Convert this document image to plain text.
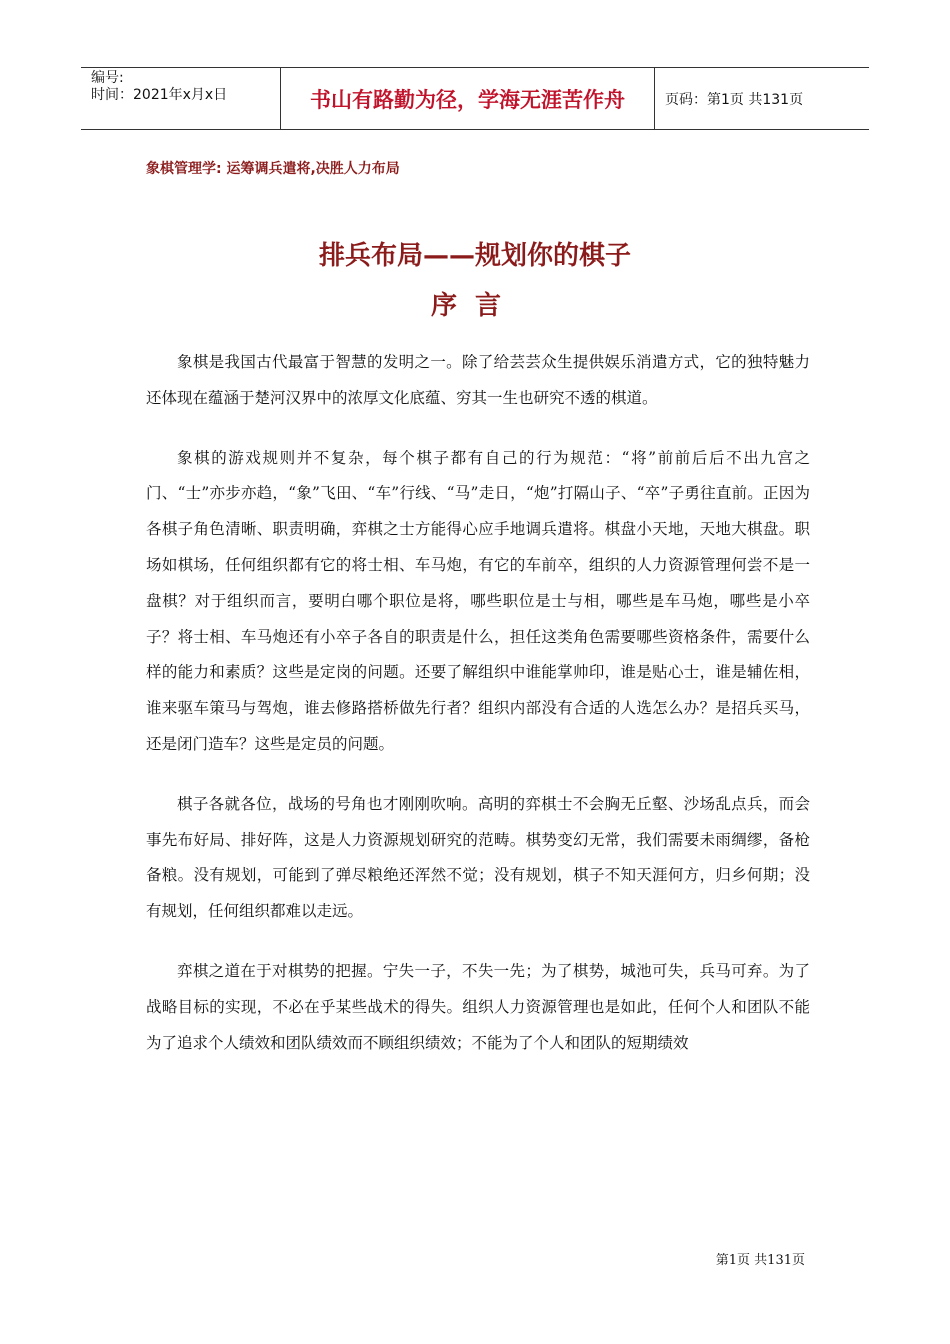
编号:
时间：2021年x月x日	书山有路勤为径，学海无涯苦作舟	页码：第1页 共131页
象棋管理学: 运筹调兵遣将,决胜人力布局
排兵布局——规划你的棋子
序言

象棋是我国古代最富于智慧的发明之一。除了给芸芸众生提供娱乐消遣方式，它的独特魅力还体现在蕴涵于楚河汉界中的浓厚文化底蕴、穷其一生也研究不透的棋道。

象棋的游戏规则并不复杂，每个棋子都有自己的行为规范：“将”前前后后不出九宫之门、“士”亦步亦趋，“象”飞田、“车”行线、“马”走日，“炮”打隔山子、“卒”子勇往直前。正因为各棋子角色清晰、职责明确，弈棋之士方能得心应手地调兵遣将。棋盘小天地，天地大棋盘。职场如棋场，任何组织都有它的将士相、车马炮，有它的车前卒，组织的人力资源管理何尝不是一盘棋？对于组织而言，要明白哪个职位是将，哪些职位是士与相，哪些是车马炮，哪些是小卒子？将士相、车马炮还有小卒子各自的职责是什么，担任这类角色需要哪些资格条件，需要什么样的能力和素质？这些是定岗的问题。还要了解组织中谁能掌帅印，谁是贴心士，谁是辅佐相，谁来驱车策马与驾炮，谁去修路搭桥做先行者？组织内部没有合适的人选怎么办？是招兵买马，还是闭门造车？这些是定员的问题。

棋子各就各位，战场的号角也才刚刚吹响。高明的弈棋士不会胸无丘壑、沙场乱点兵，而会事先布好局、排好阵，这是人力资源规划研究的范畴。棋势变幻无常，我们需要未雨绸缪，备枪备粮。没有规划，可能到了弹尽粮绝还浑然不觉；没有规划，棋子不知天涯何方，归乡何期；没有规划，任何组织都难以走远。

弈棋之道在于对棋势的把握。宁失一子，不失一先；为了棋势，城池可失，兵马可弃。为了战略目标的实现，不必在乎某些战术的得失。组织人力资源管理也是如此，任何个人和团队不能为了追求个人绩效和团队绩效而不顾组织绩效；不能为了个人和团队的短期绩效

第1页 共131页
